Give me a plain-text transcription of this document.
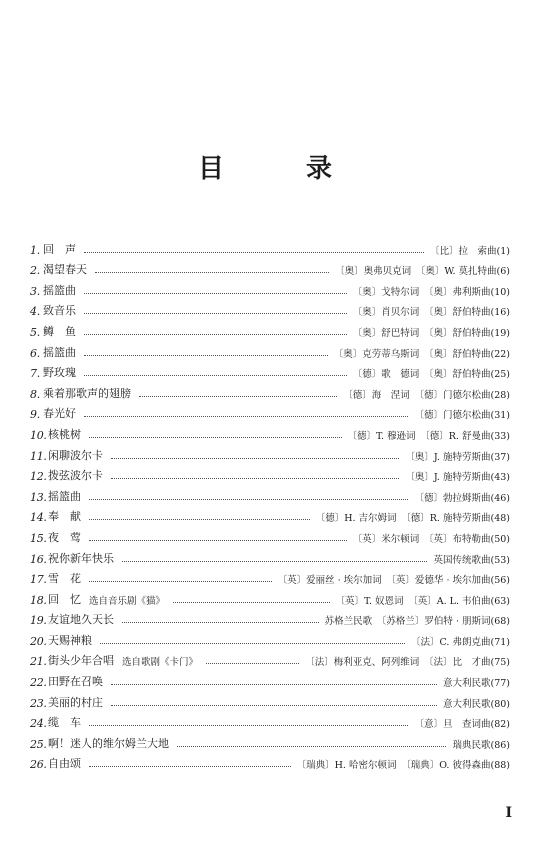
目	录
1. 回　声	〔比〕拉　索曲 (1)
2. 渴望春天	〔奥〕奥弗贝克词　〔奥〕W. 莫扎特曲 (6)
3. 摇篮曲	〔奥〕戈特尔词　〔奥〕弗利斯曲 (10)
4. 致音乐	〔奥〕肖贝尔词　〔奥〕舒伯特曲 (16)
5. 鳟　鱼	〔奥〕舒巴特词　〔奥〕舒伯特曲 (19)
6. 摇篮曲	〔奥〕克劳蒂乌斯词　〔奥〕舒伯特曲 (22)
7. 野玫瑰	〔德〕歌　德词　〔奥〕舒伯特曲 (25)
8. 乘着那歌声的翅膀	〔德〕海　涅词　〔德〕门德尔松曲 (28)
9. 春光好	〔德〕门德尔松曲 (31)
10. 核桃树	〔德〕T. 穆逊词　〔德〕R. 舒曼曲 (33)
11. 闲聊波尔卡	〔奥〕J. 施特劳斯曲 (37)
12. 拨弦波尔卡	〔奥〕J. 施特劳斯曲 (43)
13. 摇篮曲	〔德〕勃拉姆斯曲 (46)
14. 奉　献	〔德〕H. 吉尔姆词　〔德〕R. 施特劳斯曲 (48)
15. 夜　莺	〔英〕米尔顿词　〔英〕布特勒曲 (50)
16. 祝你新年快乐	英国传统歌曲 (53)
17. 雪　花	〔英〕爱丽丝 · 埃尔加词　〔英〕爱德华 · 埃尔加曲 (56)
18. 回　忆 选自音乐剧《猫》	〔英〕T. 奴恩词　〔英〕A. L. 韦伯曲 (63)
19. 友谊地久天长	苏格兰民歌　〔苏格兰〕罗伯特 · 朋斯词 (68)
20. 天赐神粮	〔法〕C. 弗朗克曲 (71)
21. 街头少年合唱 选自歌剧《卡门》	〔法〕梅利亚克、阿列维词　〔法〕比　才曲 (75)
22. 田野在召唤	意大利民歌 (77)
23. 美丽的村庄	意大利民歌 (80)
24. 缆　车	〔意〕旦　查词曲 (82)
25. 啊！迷人的维尔姆兰大地	瑞典民歌 (86)
26. 自由颂	〔瑞典〕H. 哈密尔顿词　〔瑞典〕O. 彼得森曲 (88)
I
